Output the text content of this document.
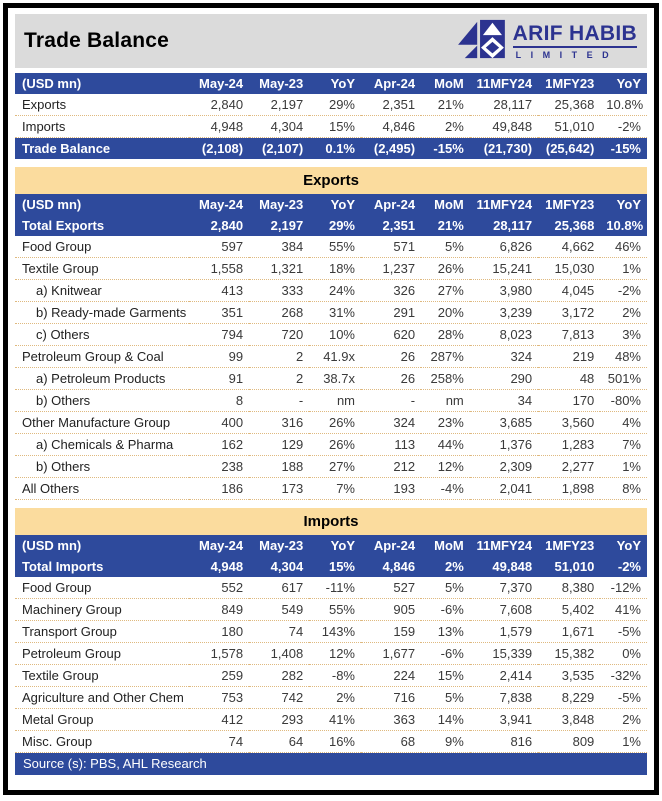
Trade Balance	ARIF HABIB
LIMITED
(USD mn)	May-24	May-23	YoY	Apr-24	MoM	11MFY24	1MFY23	YoY
Exports	2,840	2,197	29%	2,351	21%	28,117	25,368	10.8%
Imports	4,948	4,304	15%	4,846	2%	49,848	51,010	-2%
Trade Balance	(2,108)	(2,107)	0.1%	(2,495)	-15%	(21,730)	(25,642)	-15%
Exports
(USD mn)	May-24	May-23	YoY	Apr-24	MoM	11MFY24	1MFY23	YoY
Total Exports	2,840	2,197	29%	2,351	21%	28,117	25,368	10.8%
Food Group	597	384	55%	571	5%	6,826	4,662	46%
Textile Group	1,558	1,321	18%	1,237	26%	15,241	15,030	1%
a) Knitwear	413	333	24%	326	27%	3,980	4,045	-2%
b) Ready-made Garments	351	268	31%	291	20%	3,239	3,172	2%
c) Others	794	720	10%	620	28%	8,023	7,813	3%
Petroleum Group & Coal	99	2	41.9x	26	287%	324	219	48%
a) Petroleum Products	91	2	38.7x	26	258%	290	48	501%
b) Others	8	-	nm	-	nm	34	170	-80%
Other Manufacture Group	400	316	26%	324	23%	3,685	3,560	4%
a) Chemicals & Pharma	162	129	26%	113	44%	1,376	1,283	7%
b) Others	238	188	27%	212	12%	2,309	2,277	1%
All Others	186	173	7%	193	-4%	2,041	1,898	8%
Imports
(USD mn)	May-24	May-23	YoY	Apr-24	MoM	11MFY24	1MFY23	YoY
Total Imports	4,948	4,304	15%	4,846	2%	49,848	51,010	-2%
Food Group	552	617	-11%	527	5%	7,370	8,380	-12%
Machinery Group	849	549	55%	905	-6%	7,608	5,402	41%
Transport Group	180	74	143%	159	13%	1,579	1,671	-5%
Petroleum Group	1,578	1,408	12%	1,677	-6%	15,339	15,382	0%
Textile Group	259	282	-8%	224	15%	2,414	3,535	-32%
Agriculture and Other Chem	753	742	2%	716	5%	7,838	8,229	-5%
Metal Group	412	293	41%	363	14%	3,941	3,848	2%
Misc. Group	74	64	16%	68	9%	816	809	1%
Source (s): PBS, AHL Research
